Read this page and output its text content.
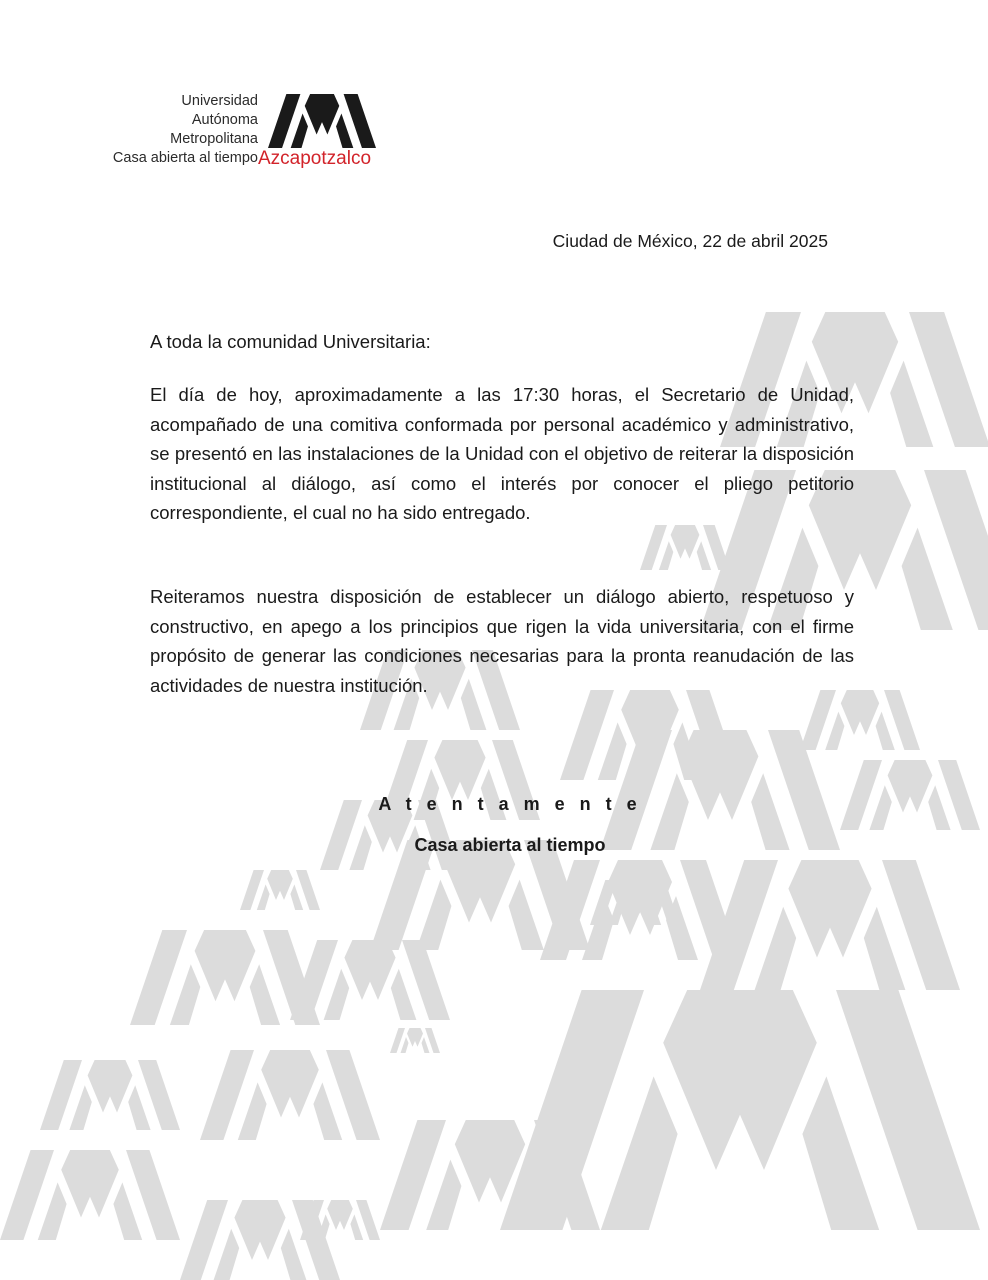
Universidad
Autónoma
Metropolitana
Casa abierta al tiempo Azcapotzalco
Ciudad de México, 22 de abril 2025
A toda la comunidad Universitaria:
El día de hoy, aproximadamente a las 17:30 horas, el Secretario de Unidad, acompañado de una comitiva conformada por personal académico y administrativo, se presentó en las instalaciones de la Unidad con el objetivo de reiterar la disposición institucional al diálogo, así como el interés por conocer el pliego petitorio correspondiente, el cual no ha sido entregado.
Reiteramos nuestra disposición de establecer un diálogo abierto, respetuoso y constructivo, en apego a los principios que rigen la vida universitaria, con el firme propósito de generar las condiciones necesarias para la pronta reanudación de las actividades de nuestra institución.
A t e n t a m e n t e
Casa abierta al tiempo
